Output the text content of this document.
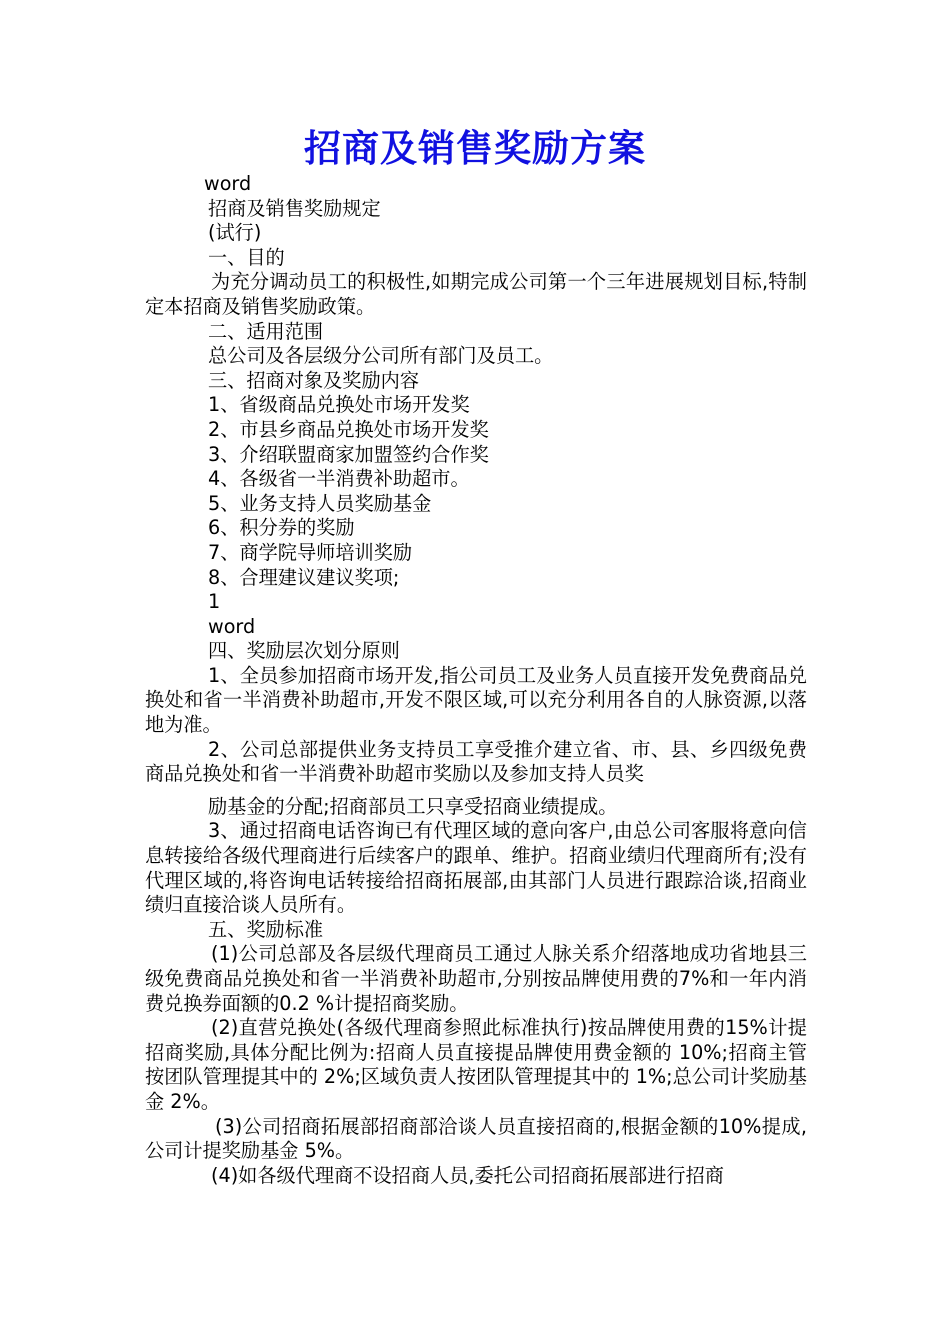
招商及销售奖励方案
word
招商及销售奖励规定
(试行)
一、目的
为充分调动员工的积极性,如期完成公司第一个三年进展规划目标,特制定本招商及销售奖励政策。
二、适用范围
总公司及各层级分公司所有部门及员工。
三、招商对象及奖励内容
1、省级商品兑换处市场开发奖
2、市县乡商品兑换处市场开发奖
3、介绍联盟商家加盟签约合作奖
4、各级省一半消费补助超市。
5、业务支持人员奖励基金
6、积分券的奖励
7、商学院导师培训奖励
8、合理建议建议奖项;
1
word
四、奖励层次划分原则
1、全员参加招商市场开发,指公司员工及业务人员直接开发免费商品兑换处和省一半消费补助超市,开发不限区域,可以充分利用各自的人脉资源,以落地为准。
2、公司总部提供业务支持员工享受推介建立省、市、县、乡四级免费商品兑换处和省一半消费补助超市奖励以及参加支持人员奖
励基金的分配;招商部员工只享受招商业绩提成。
3、通过招商电话咨询已有代理区域的意向客户,由总公司客服将意向信息转接给各级代理商进行后续客户的跟单、维护。招商业绩归代理商所有;没有代理区域的,将咨询电话转接给招商拓展部,由其部门人员进行跟踪洽谈,招商业绩归直接洽谈人员所有。
五、奖励标准
(1)公司总部及各层级代理商员工通过人脉关系介绍落地成功省地县三级免费商品兑换处和省一半消费补助超市,分别按品牌使用费的7%和一年内消费兑换券面额的0.2 %计提招商奖励。
(2)直营兑换处(各级代理商参照此标准执行)按品牌使用费的15%计提招商奖励,具体分配比例为:招商人员直接提品牌使用费金额的 10%;招商主管按团队管理提其中的 2%;区域负责人按团队管理提其中的 1%;总公司计奖励基金 2%。
(3)公司招商拓展部招商部洽谈人员直接招商的,根据金额的10%提成,公司计提奖励基金 5%。
(4)如各级代理商不设招商人员,委托公司招商拓展部进行招商
